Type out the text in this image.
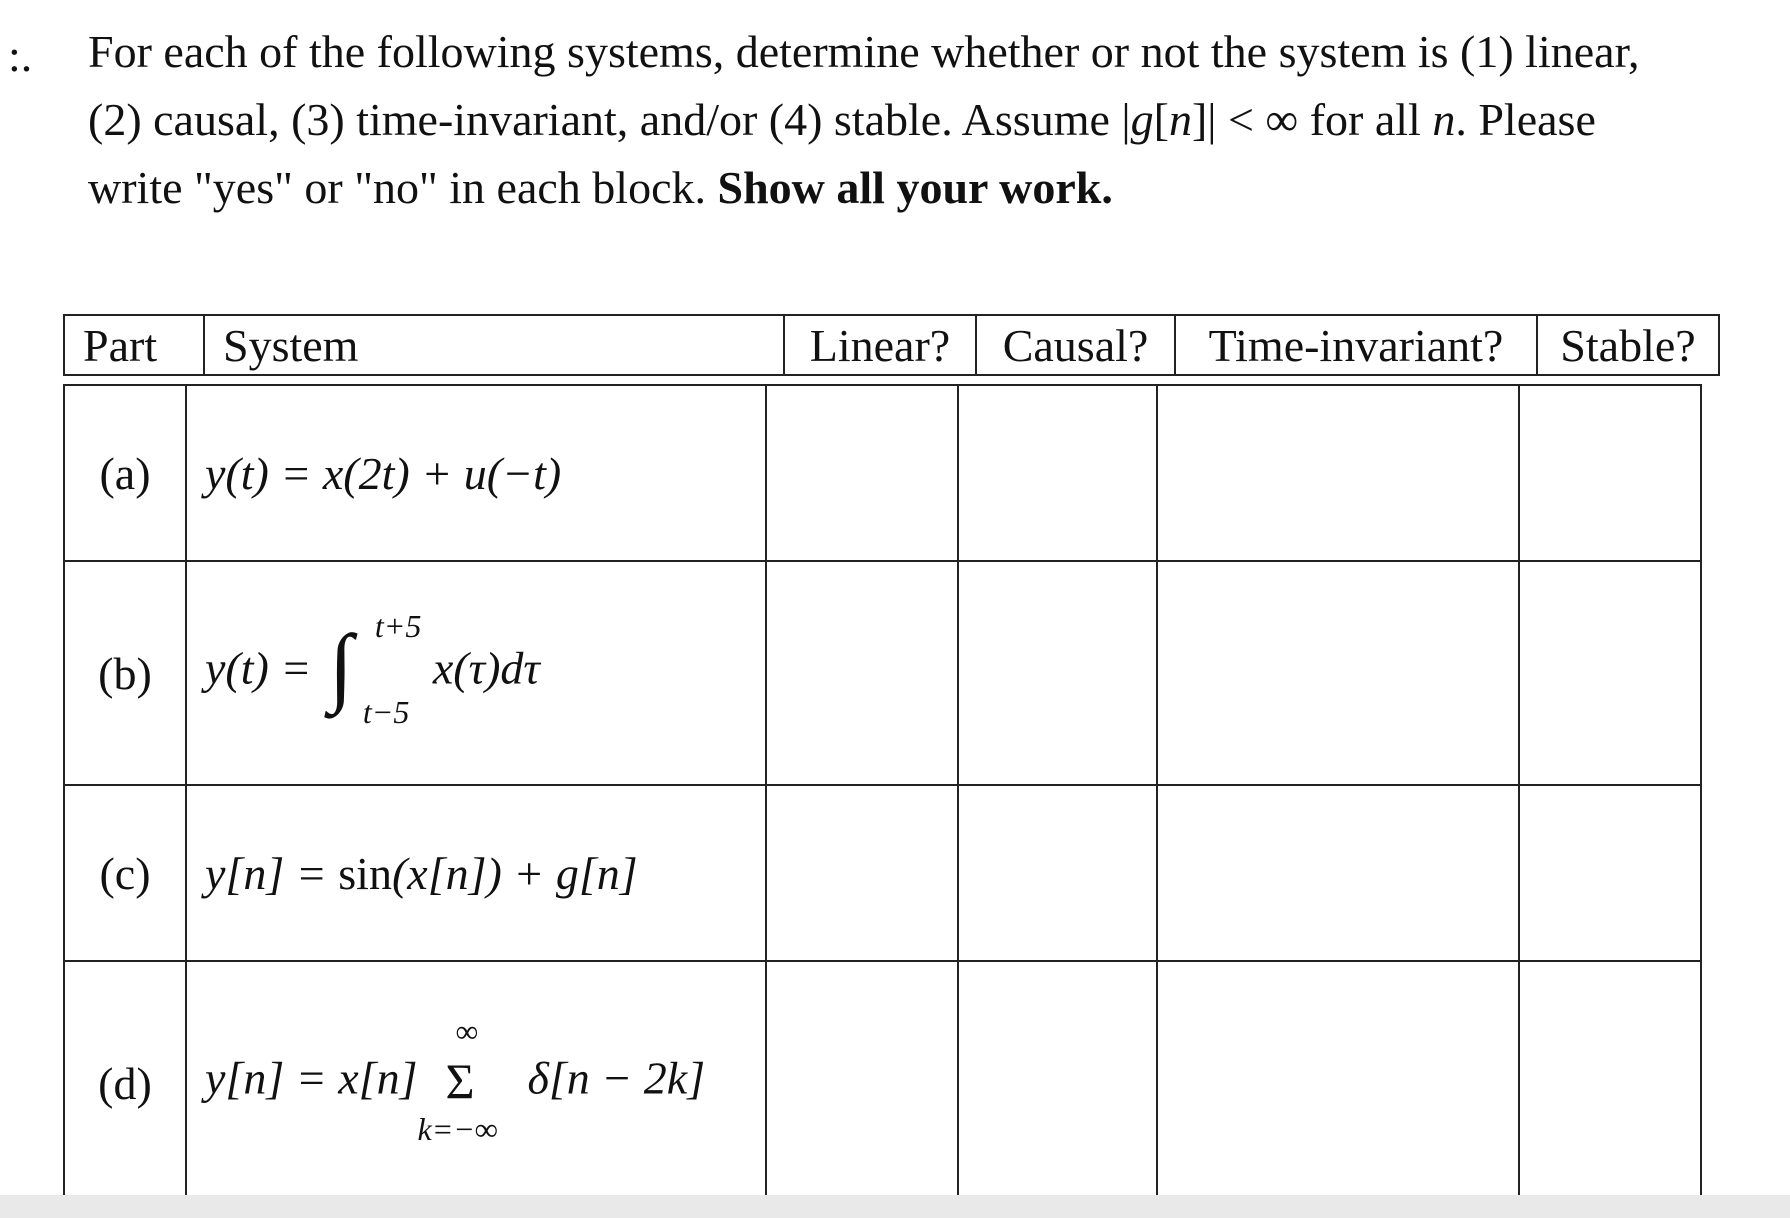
:. For each of the following systems, determine whether or not the system is (1) linear,
(2) causal, (3) time-invariant, and/or (4) stable. Assume |g[n]| < ∞ for all n. Please
write "yes" or "no" in each block. Show all your work.
Part	System	Linear?	Causal?	Time-invariant?	Stable?
(a)	y(t) = x(2t) + u(−t)				
(b)	y(t) = ∫ t+5
t−5
x(τ)dτ				
(c)	y[n] = sin(x[n]) + g[n]				
(d)	y[n] = x[n]
∞
Σ
k=−∞
δ[n − 2k]				
